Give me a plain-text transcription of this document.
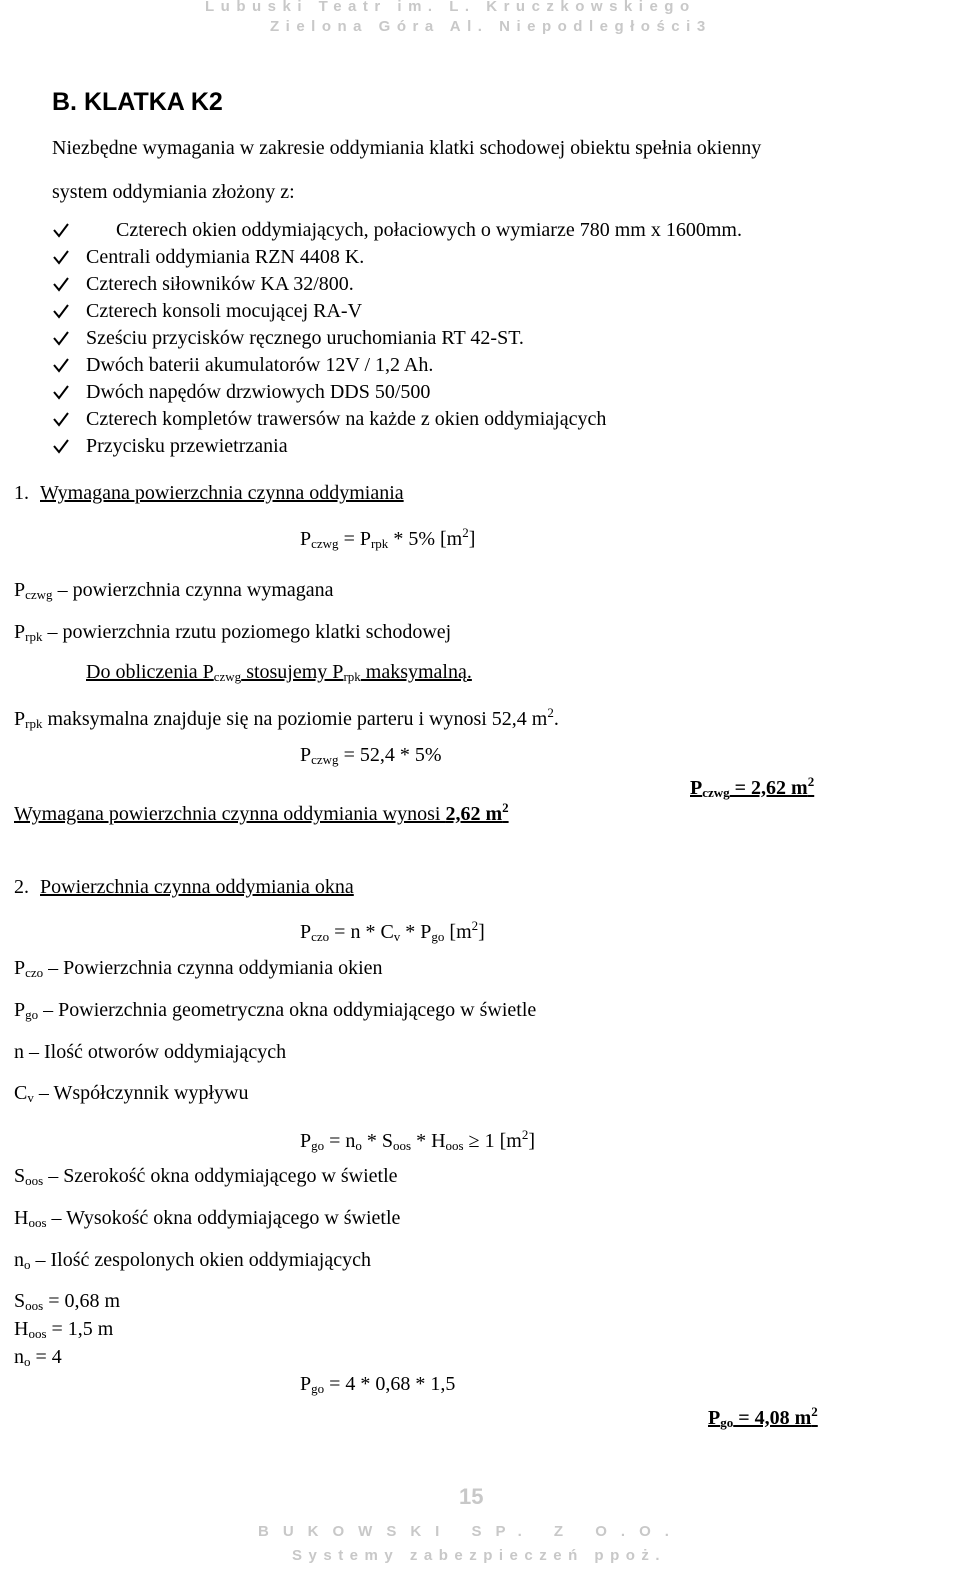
Lubuski Teatr im. L. Kruczkowskiego
Zielona Góra Al. Niepodległości3
B. KLATKA K2
Niezbędne wymagania w zakresie oddymiania klatki schodowej obiektu spełnia okienny
system oddymiania złożony z:
Czterech okien oddymiających, połaciowych o wymiarze 780 mm x 1600mm.
Centrali oddymiania RZN 4408 K.
Czterech siłowników KA 32/800.
Czterech konsoli mocującej RA-V
Sześciu przycisków ręcznego uruchomiania RT 42-ST.
Dwóch baterii akumulatorów 12V / 1,2 Ah.
Dwóch napędów drzwiowych DDS 50/500
Czterech kompletów trawersów na każde z okien oddymiających
Przycisku przewietrzania
1. Wymagana powierzchnia czynna oddymiania
$P_{czwg} = P_{rpk} * 5\%$ $[m^2]$
$P_{czwg}$ – powierzchnia czynna wymagana
$P_{rpk}$ – powierzchnia rzutu poziomego klatki schodowej
Do obliczenia $P_{czwg}$ stosujemy $P_{rpk}$ maksymalną.
$P_{rpk}$ maksymalna znajduje się na poziomie parteru i wynosi 52,4 $m^2$.
$P_{czwg} = 52,4 * 5\%$
Wymagana powierzchnia czynna oddymiania wynosi 2,62 $m^2$
$P_{czwg} = 2,62$ $m^2$
2. Powierzchnia czynna oddymiania okna
$P_{czo} = n * C_v * P_{go}$ $[m^2]$
$P_{czo}$ – Powierzchnia czynna oddymiania okien
$P_{go}$ – Powierzchnia geometryczna okna oddymiającego w świetle
n – Ilość otworów oddymiających
$C_v$ – Współczynnik wypływu
$P_{go} = n_o * S_{oos} * H_{oos} \ge 1$ $[m^2]$
$S_{oos}$ – Szerokość okna oddymiającego w świetle
$H_{oos}$ – Wysokość okna oddymiającego w świetle
$n_o$ – Ilość zespolonych okien oddymiających
$S_{oos} = 0,68$ m
$H_{oos} = 1,5$ m
$n_o = 4$
$P_{go} = 4 * 0,68 * 1,5$
$P_{go} = 4,08$ $m^2$
15
BUKOWSKI SP. Z O.O.
Systemy zabezpieczeń ppoż.
